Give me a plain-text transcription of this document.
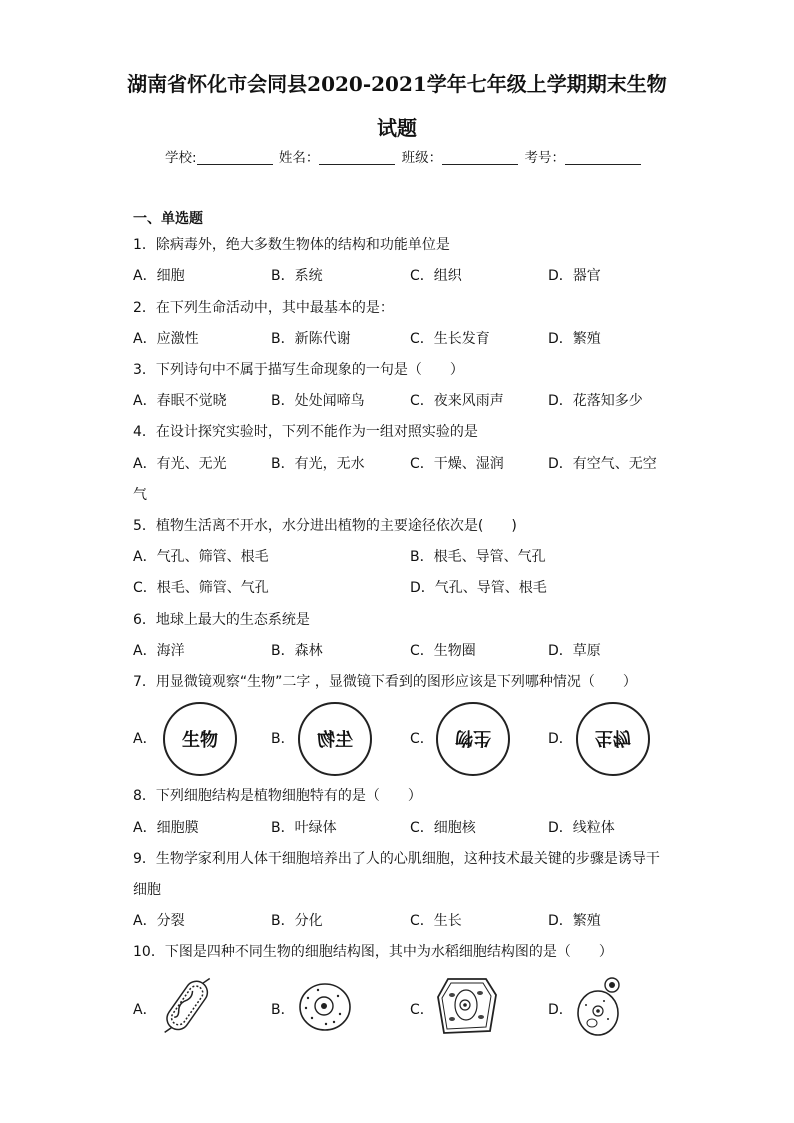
湖南省怀化市会同县2020-2021学年七年级上学期期末生物
试题
学校:	姓名：	班级：	考号：
一、单选题
1．除病毒外，绝大多数生物体的结构和功能单位是
A．细胞	B．系统	C．组织	D．器官
2．在下列生命活动中，其中最基本的是：
A．应激性	B．新陈代谢	C．生长发育	D．繁殖
3．下列诗句中不属于描写生命现象的一句是（　　）
A．春眠不觉晓	B．处处闻啼鸟	C．夜来风雨声	D．花落知多少
4．在设计探究实验时，下列不能作为一组对照实验的是
A．有光、无光	B．有光，无水	C．干燥、湿润	D．有空气、无空
气
5．植物生活离不开水，水分进出植物的主要途径依次是(　　)
A．气孔、筛管、根毛	B．根毛、导管、气孔
C．根毛、筛管、气孔	D．气孔、导管、根毛
6．地球上最大的生态系统是
A．海洋	B．森林	C．生物圈	D．草原
7．用显微镜观察“生物”二字 ，显微镜下看到的图形应该是下列哪种情况（　　）
A． 生物	B． 生物	C． 生物	D． 生物
8．下列细胞结构是植物细胞特有的是（　　）
A．细胞膜	B．叶绿体	C．细胞核	D．线粒体
9．生物学家利用人体干细胞培养出了人的心肌细胞，这种技术最关键的步骤是诱导干
细胞
A．分裂	B．分化	C．生长	D．繁殖
10．下图是四种不同生物的细胞结构图，其中为水稻细胞结构图的是（　　）
A．	B．	C．	D．
